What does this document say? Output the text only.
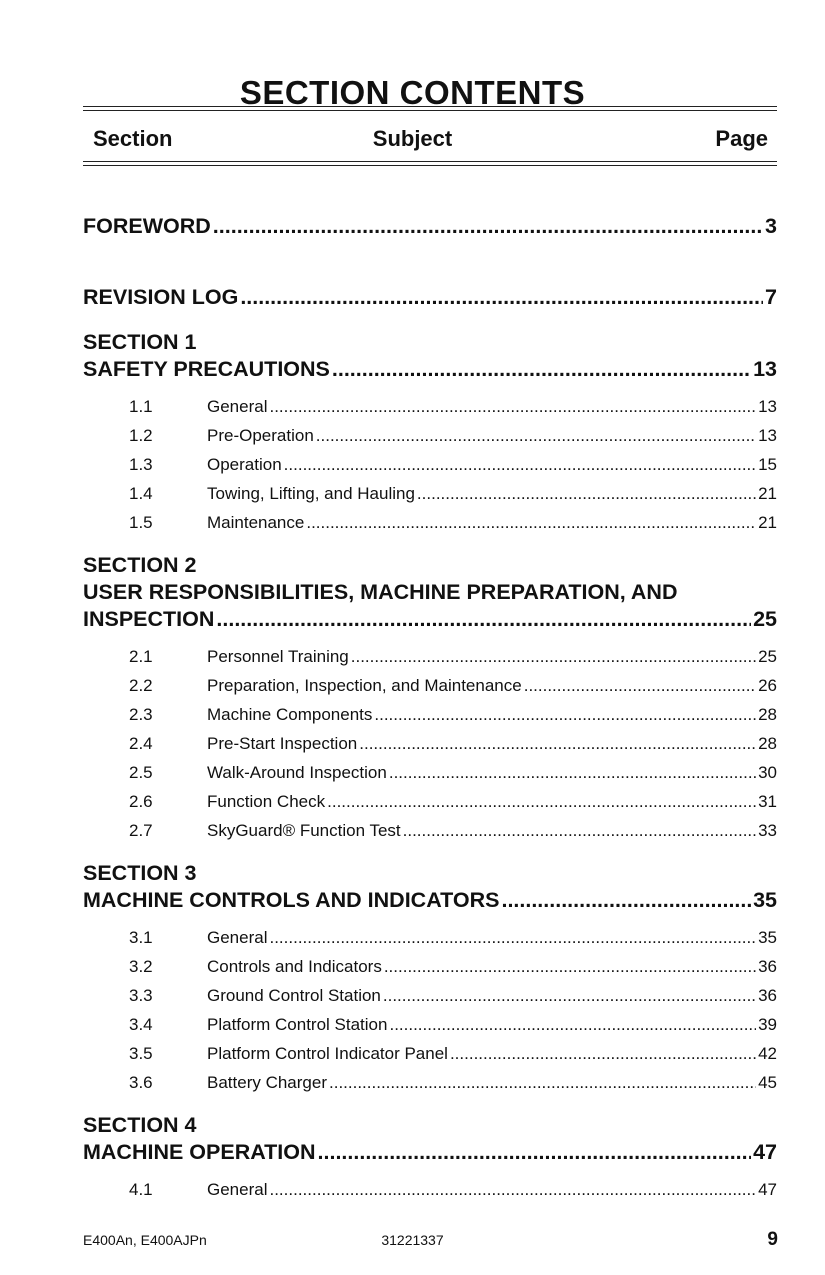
SECTION CONTENTS
Section	Subject	Page
FOREWORD .....	3
REVISION LOG .....	7
SECTION 1
SAFETY PRECAUTIONS .....	13
1.1	General .....	13
1.2	Pre-Operation .....	13
1.3	Operation .....	15
1.4	Towing, Lifting, and Hauling .....	21
1.5	Maintenance .....	21
SECTION 2
USER RESPONSIBILITIES, MACHINE PREPARATION, AND
INSPECTION .....	25
2.1	Personnel Training .....	25
2.2	Preparation, Inspection, and Maintenance .....	26
2.3	Machine Components .....	28
2.4	Pre-Start Inspection .....	28
2.5	Walk-Around Inspection .....	30
2.6	Function Check .....	31
2.7	SkyGuard® Function Test .....	33
SECTION 3
MACHINE CONTROLS AND INDICATORS .....	35
3.1	General .....	35
3.2	Controls and Indicators .....	36
3.3	Ground Control Station .....	36
3.4	Platform Control Station .....	39
3.5	Platform Control Indicator Panel .....	42
3.6	Battery Charger .....	45
SECTION 4
MACHINE OPERATION .....	47
4.1	General .....	47
E400An, E400AJPn	31221337	9
